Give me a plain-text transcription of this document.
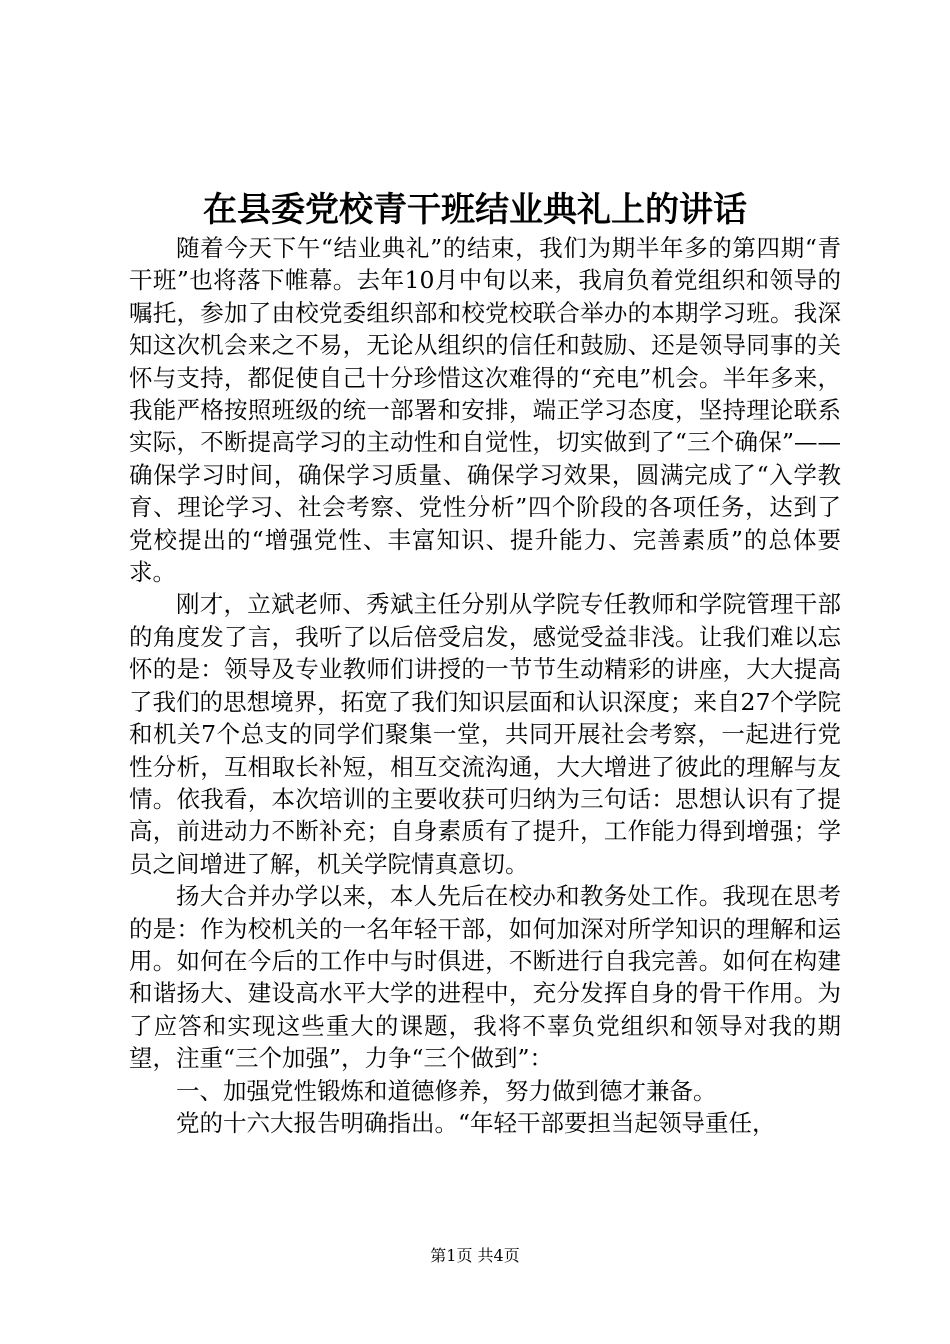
在县委党校青干班结业典礼上的讲话

随着今天下午“结业典礼”的结束，我们为期半年多的第四期“青干班”也将落下帷幕。去年10月中旬以来，我肩负着党组织和领导的嘱托，参加了由校党委组织部和校党校联合举办的本期学习班。我深知这次机会来之不易，无论从组织的信任和鼓励、还是领导同事的关怀与支持，都促使自己十分珍惜这次难得的“充电”机会。半年多来，我能严格按照班级的统一部署和安排，端正学习态度，坚持理论联系实际，不断提高学习的主动性和自觉性，切实做到了“三个确保”——确保学习时间，确保学习质量、确保学习效果，圆满完成了“入学教育、理论学习、社会考察、党性分析”四个阶段的各项任务，达到了党校提出的“增强党性、丰富知识、提升能力、完善素质”的总体要求。

刚才，立斌老师、秀斌主任分别从学院专任教师和学院管理干部的角度发了言，我听了以后倍受启发，感觉受益非浅。让我们难以忘怀的是：领导及专业教师们讲授的一节节生动精彩的讲座，大大提高了我们的思想境界，拓宽了我们知识层面和认识深度；来自27个学院和机关7个总支的同学们聚集一堂，共同开展社会考察，一起进行党性分析，互相取长补短，相互交流沟通，大大增进了彼此的理解与友情。依我看，本次培训的主要收获可归纳为三句话：思想认识有了提高，前进动力不断补充；自身素质有了提升，工作能力得到增强；学员之间增进了解，机关学院情真意切。

扬大合并办学以来，本人先后在校办和教务处工作。我现在思考的是：作为校机关的一名年轻干部，如何加深对所学知识的理解和运用。如何在今后的工作中与时俱进，不断进行自我完善。如何在构建和谐扬大、建设高水平大学的进程中，充分发挥自身的骨干作用。为了应答和实现这些重大的课题，我将不辜负党组织和领导对我的期望，注重“三个加强”，力争“三个做到”：

一、加强党性锻炼和道德修养，努力做到德才兼备。

党的十六大报告明确指出。“年轻干部要担当起领导重任，

第1页 共4页
